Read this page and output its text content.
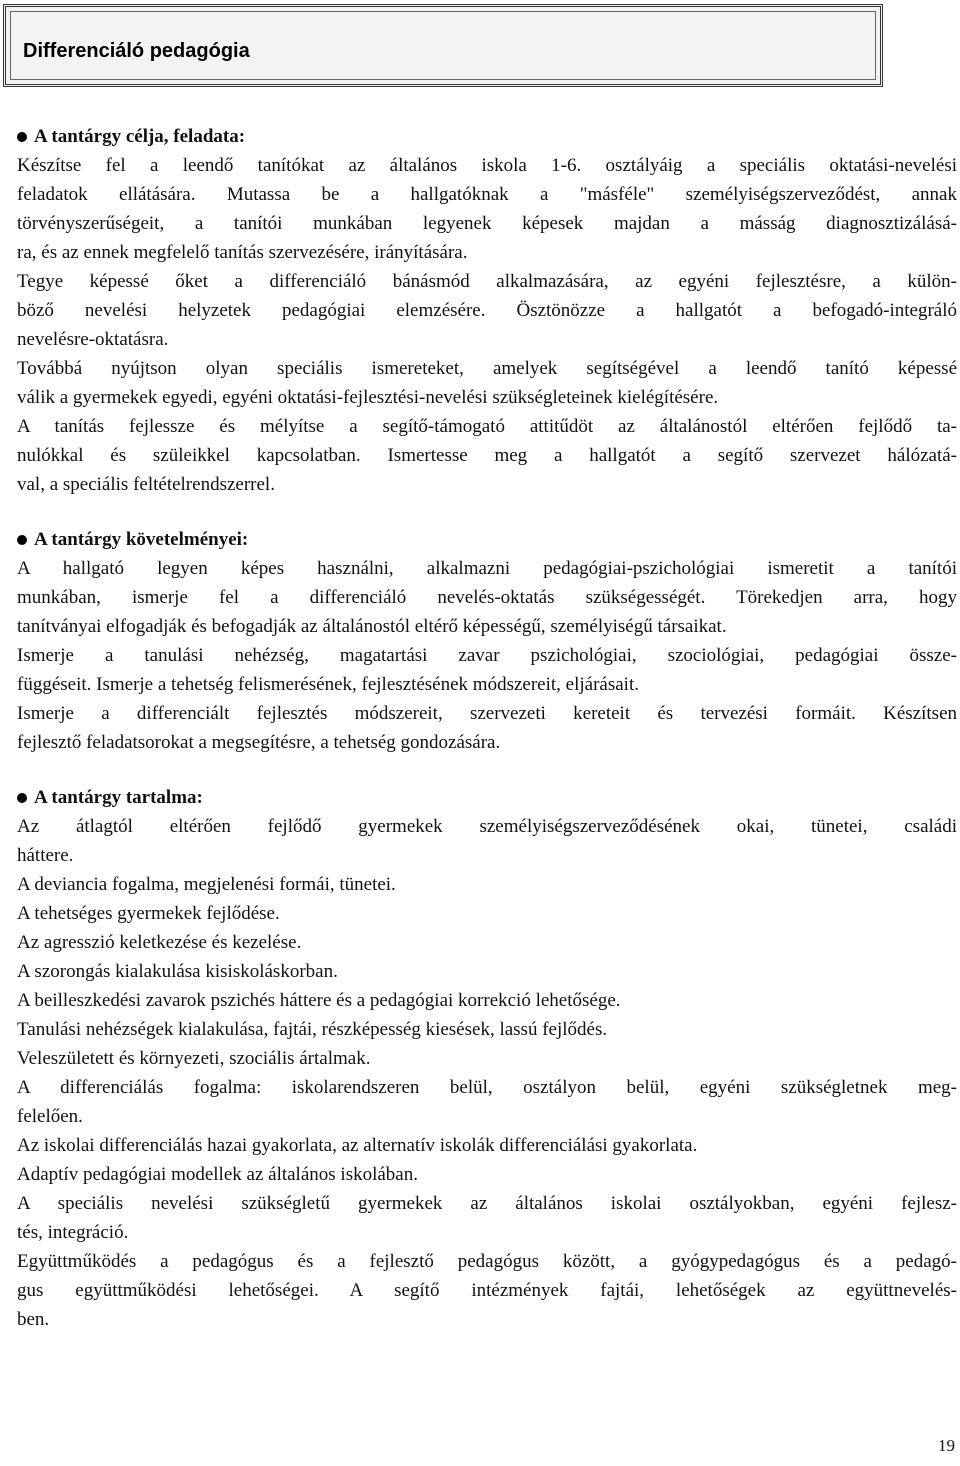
Differenciáló pedagógia
A tantárgy célja, feladata:

Készítse fel a leendő tanítókat az általános iskola 1-6. osztályáig a speciális oktatási-nevelési
feladatok ellátására. Mutassa be a hallgatóknak a "másféle" személyiségszerveződést, annak
törvényszerűségeit, a tanítói munkában legyenek képesek majdan a másság diagnosztizálásá-
ra, és az ennek megfelelő tanítás szervezésére, irányítására.
Tegye képessé őket a differenciáló bánásmód alkalmazására, az egyéni fejlesztésre, a külön-
böző nevelési helyzetek pedagógiai elemzésére. Ösztönözze a hallgatót a befogadó-integráló
nevelésre-oktatásra.
Továbbá nyújtson olyan speciális ismereteket, amelyek segítségével a leendő tanító képessé
válik a gyermekek egyedi, egyéni oktatási-fejlesztési-nevelési szükségleteinek kielégítésére.
A tanítás fejlessze és mélyítse a segítő-támogató attitűdöt az általánostól eltérően fejlődő ta-
nulókkal és szüleikkel kapcsolatban. Ismertesse meg a hallgatót a segítő szervezet hálózatá-
val, a speciális feltételrendszerrel.

A tantárgy követelményei:

A hallgató legyen képes használni, alkalmazni pedagógiai-pszichológiai ismeretit a tanítói
munkában, ismerje fel a differenciáló nevelés-oktatás szükségességét. Törekedjen arra, hogy
tanítványai elfogadják és befogadják az általánostól eltérő képességű, személyiségű társaikat.
Ismerje a tanulási nehézség, magatartási zavar pszichológiai, szociológiai, pedagógiai össze-
függéseit. Ismerje a tehetség felismerésének, fejlesztésének módszereit, eljárásait.
Ismerje a differenciált fejlesztés módszereit, szervezeti kereteit és tervezési formáit. Készítsen
fejlesztő feladatsorokat a megsegítésre, a tehetség gondozására.

A tantárgy tartalma:

Az átlagtól eltérően fejlődő gyermekek személyiségszerveződésének okai, tünetei, családi
háttere.
A deviancia fogalma, megjelenési formái, tünetei.
A tehetséges gyermekek fejlődése.
Az agresszió keletkezése és kezelése.
A szorongás kialakulása kisiskoláskorban.
A beilleszkedési zavarok pszichés háttere és a pedagógiai korrekció lehetősége.
Tanulási nehézségek kialakulása, fajtái, részképesség kiesések, lassú fejlődés.
Veleszületett és környezeti, szociális ártalmak.
A differenciálás fogalma: iskolarendszeren belül, osztályon belül, egyéni szükségletnek meg-
felelően.
Az iskolai differenciálás hazai gyakorlata, az alternatív iskolák differenciálási gyakorlata.
Adaptív pedagógiai modellek az általános iskolában.
A speciális nevelési szükségletű gyermekek az általános iskolai osztályokban, egyéni fejlesz-
tés, integráció.
Együttműködés a pedagógus és a fejlesztő pedagógus között, a gyógypedagógus és a pedagó-
gus együttműködési lehetőségei. A segítő intézmények fajtái, lehetőségek az együttnevelés-
ben.

19
